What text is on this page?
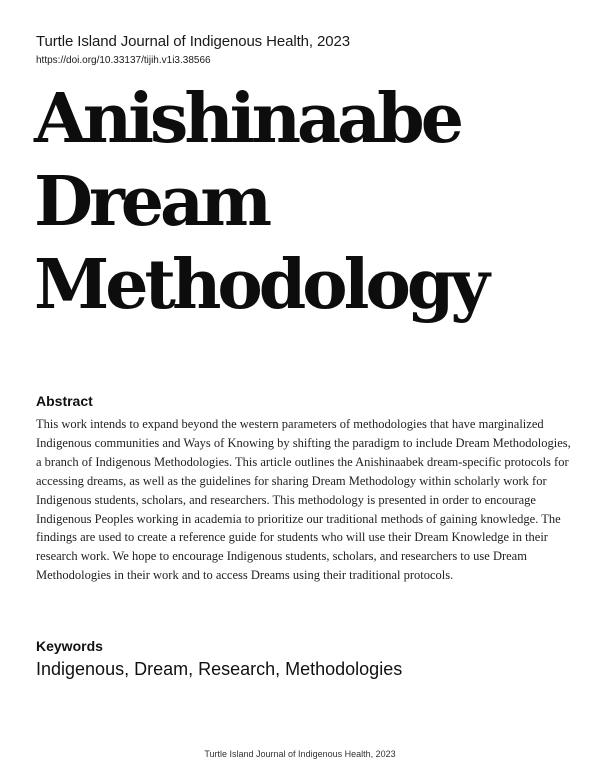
Turtle Island Journal of Indigenous Health, 2023
https://doi.org/10.33137/tijih.v1i3.38566
Anishinaabe
Dream
Methodology
Abstract

This work intends to expand beyond the western parameters of methodologies that have marginalized Indigenous communities and Ways of Knowing by shifting the paradigm to include Dream Methodologies, a branch of Indigenous Methodologies. This article outlines the Anishinaabek dream-specific protocols for accessing dreams, as well as the guidelines for sharing Dream Methodology within scholarly work for Indigenous students, scholars, and researchers. This methodology is presented in order to encourage Indigenous Peoples working in academia to prioritize our traditional methods of gaining knowledge. The findings are used to create a reference guide for students who will use their Dream Knowledge in their research work. We hope to encourage Indigenous students, scholars, and researchers to use Dream Methodologies in their work and to access Dreams using their traditional protocols.

Keywords
Indigenous, Dream, Research, Methodologies
Turtle Island Journal of Indigenous Health, 2023
